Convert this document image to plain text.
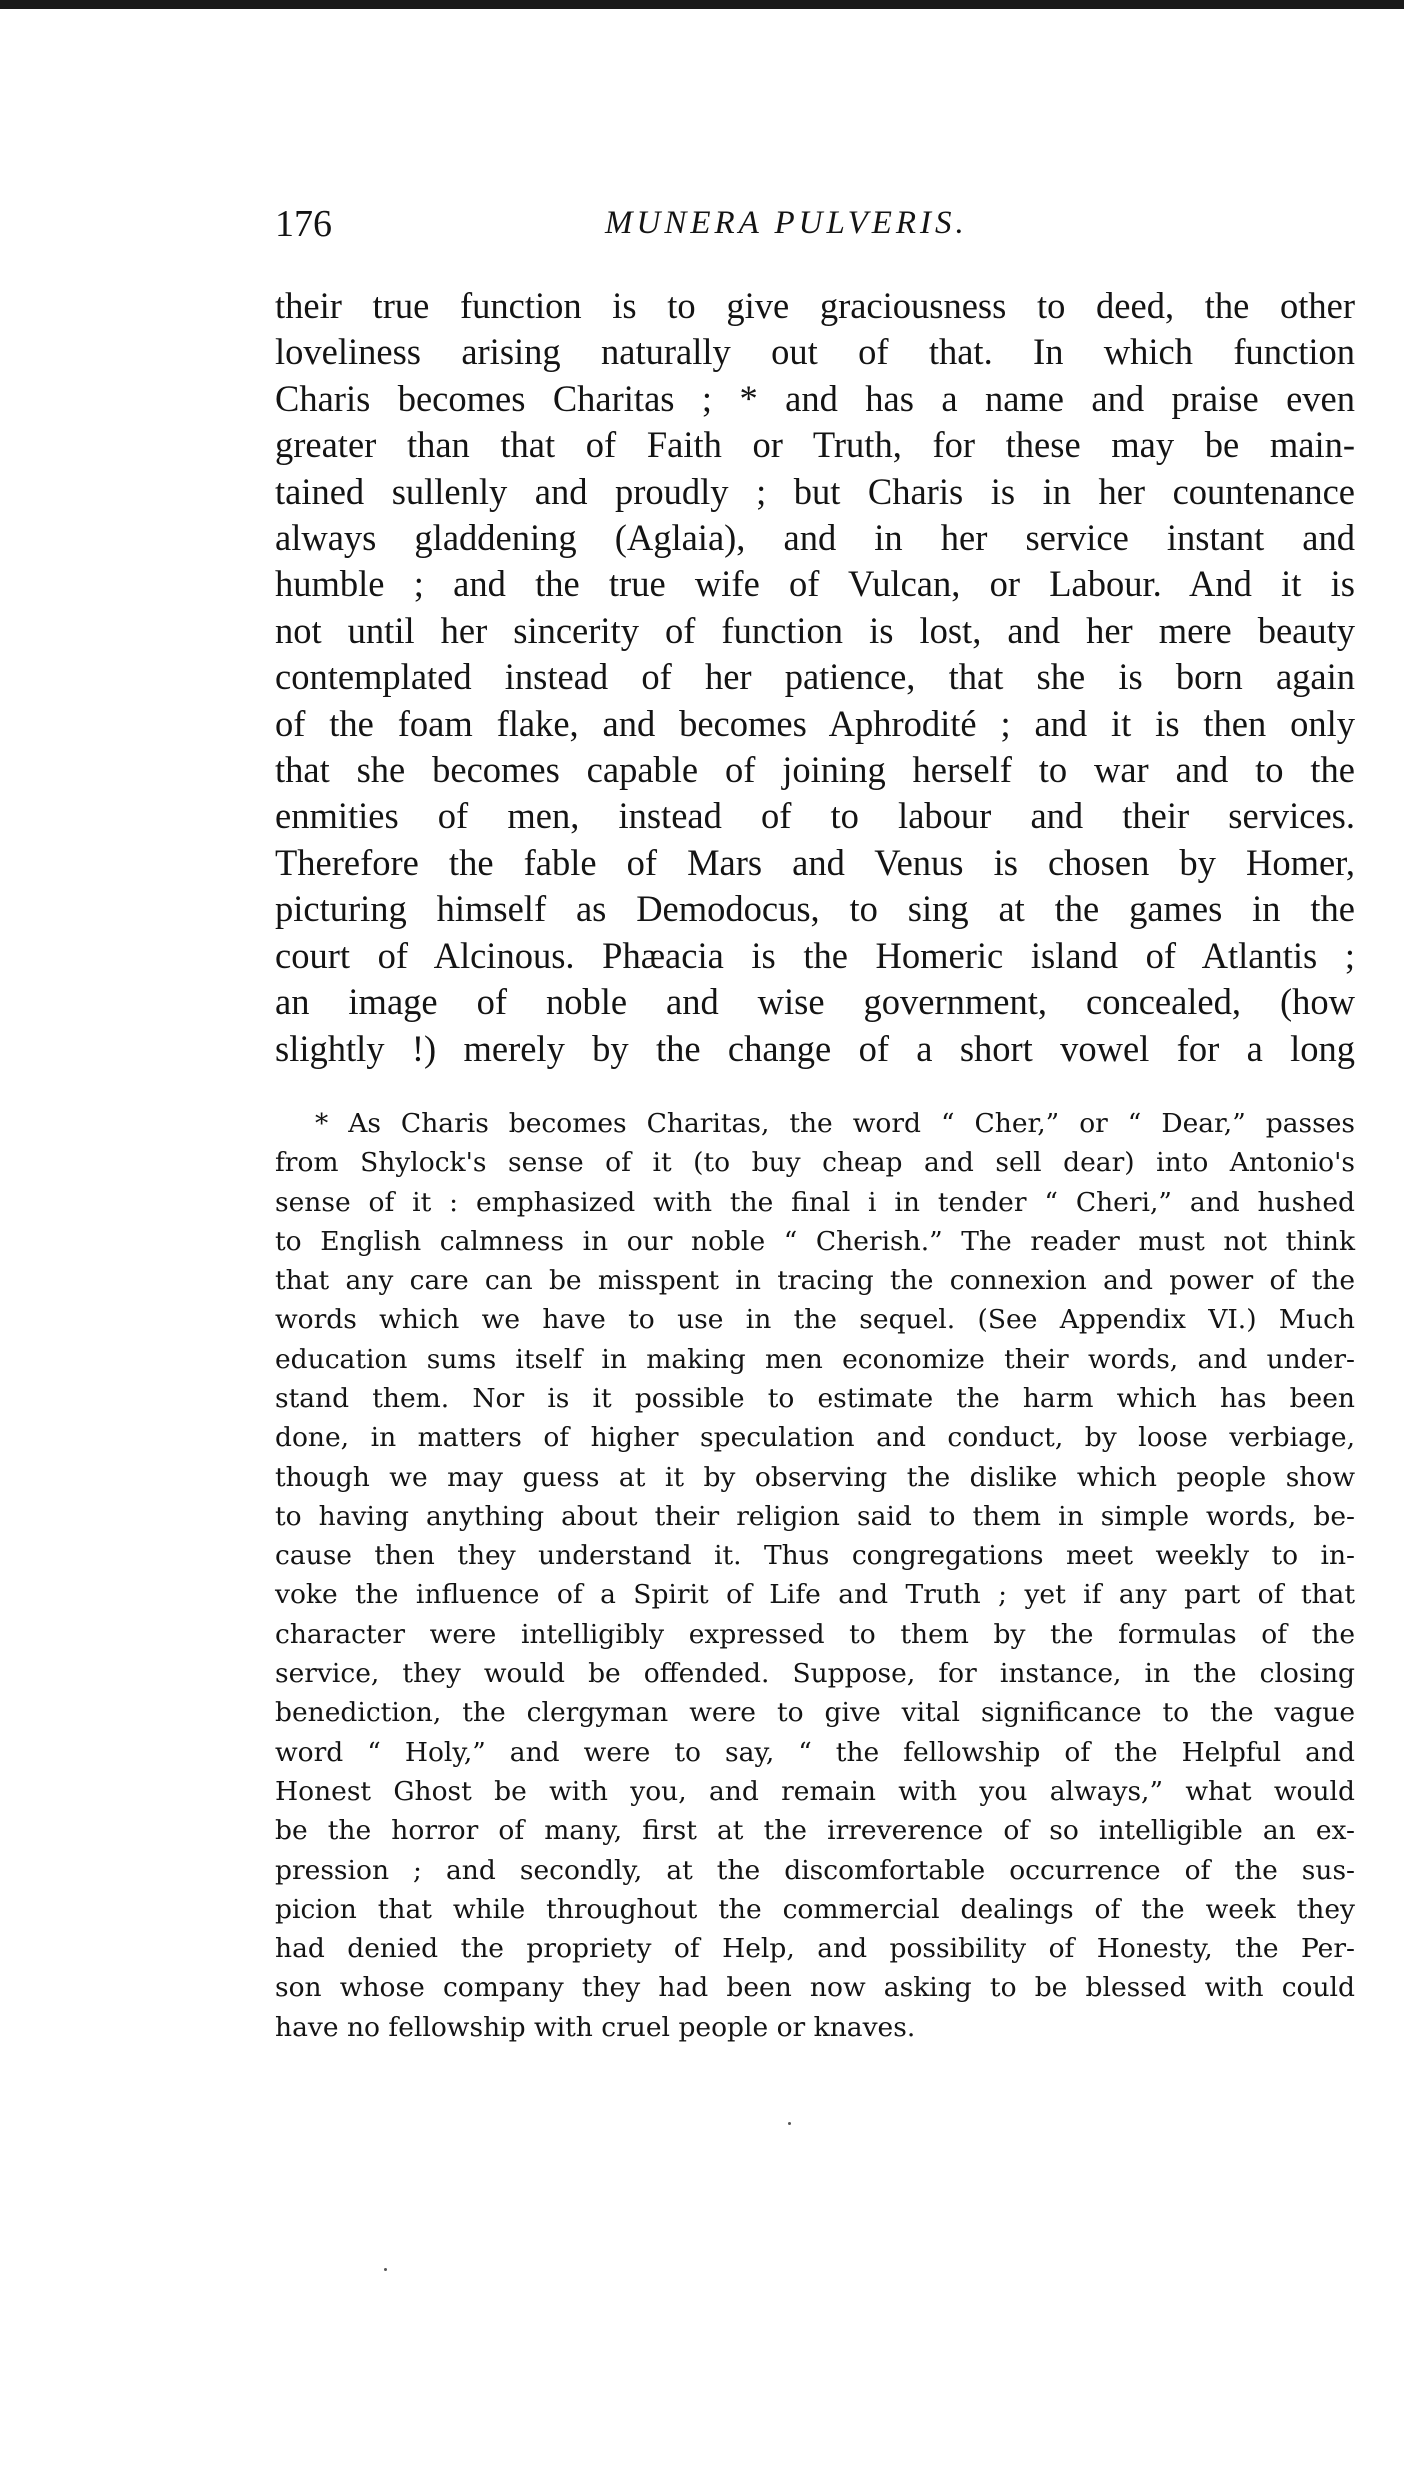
176	MUNERA PULVERIS.
their true function is to give graciousness to deed, the other
loveliness arising naturally out of that. In which function
Charis becomes Charitas ; * and has a name and praise even
greater than that of Faith or Truth, for these may be main-
tained sullenly and proudly ; but Charis is in her countenance
always gladdening (Aglaia), and in her service instant and
humble ; and the true wife of Vulcan, or Labour. And it is
not until her sincerity of function is lost, and her mere beauty
contemplated instead of her patience, that she is born again
of the foam flake, and becomes Aphrodité ; and it is then only
that she becomes capable of joining herself to war and to the
enmities of men, instead of to labour and their services.
Therefore the fable of Mars and Venus is chosen by Homer,
picturing himself as Demodocus, to sing at the games in the
court of Alcinous. Phæacia is the Homeric island of Atlantis ;
an image of noble and wise government, concealed, (how
slightly !) merely by the change of a short vowel for a long
* As Charis becomes Charitas, the word “ Cher,” or “ Dear,” passes
from Shylock's sense of it (to buy cheap and sell dear) into Antonio's
sense of it : emphasized with the final i in tender “ Cheri,” and hushed
to English calmness in our noble “ Cherish.” The reader must not think
that any care can be misspent in tracing the connexion and power of the
words which we have to use in the sequel. (See Appendix VI.) Much
education sums itself in making men economize their words, and under-
stand them. Nor is it possible to estimate the harm which has been
done, in matters of higher speculation and conduct, by loose verbiage,
though we may guess at it by observing the dislike which people show
to having anything about their religion said to them in simple words, be-
cause then they understand it. Thus congregations meet weekly to in-
voke the influence of a Spirit of Life and Truth ; yet if any part of that
character were intelligibly expressed to them by the formulas of the
service, they would be offended. Suppose, for instance, in the closing
benediction, the clergyman were to give vital significance to the vague
word “ Holy,” and were to say, “ the fellowship of the Helpful and
Honest Ghost be with you, and remain with you always,” what would
be the horror of many, first at the irreverence of so intelligible an ex-
pression ; and secondly, at the discomfortable occurrence of the sus-
picion that while throughout the commercial dealings of the week they
had denied the propriety of Help, and possibility of Honesty, the Per-
son whose company they had been now asking to be blessed with could
have no fellowship with cruel people or knaves.
